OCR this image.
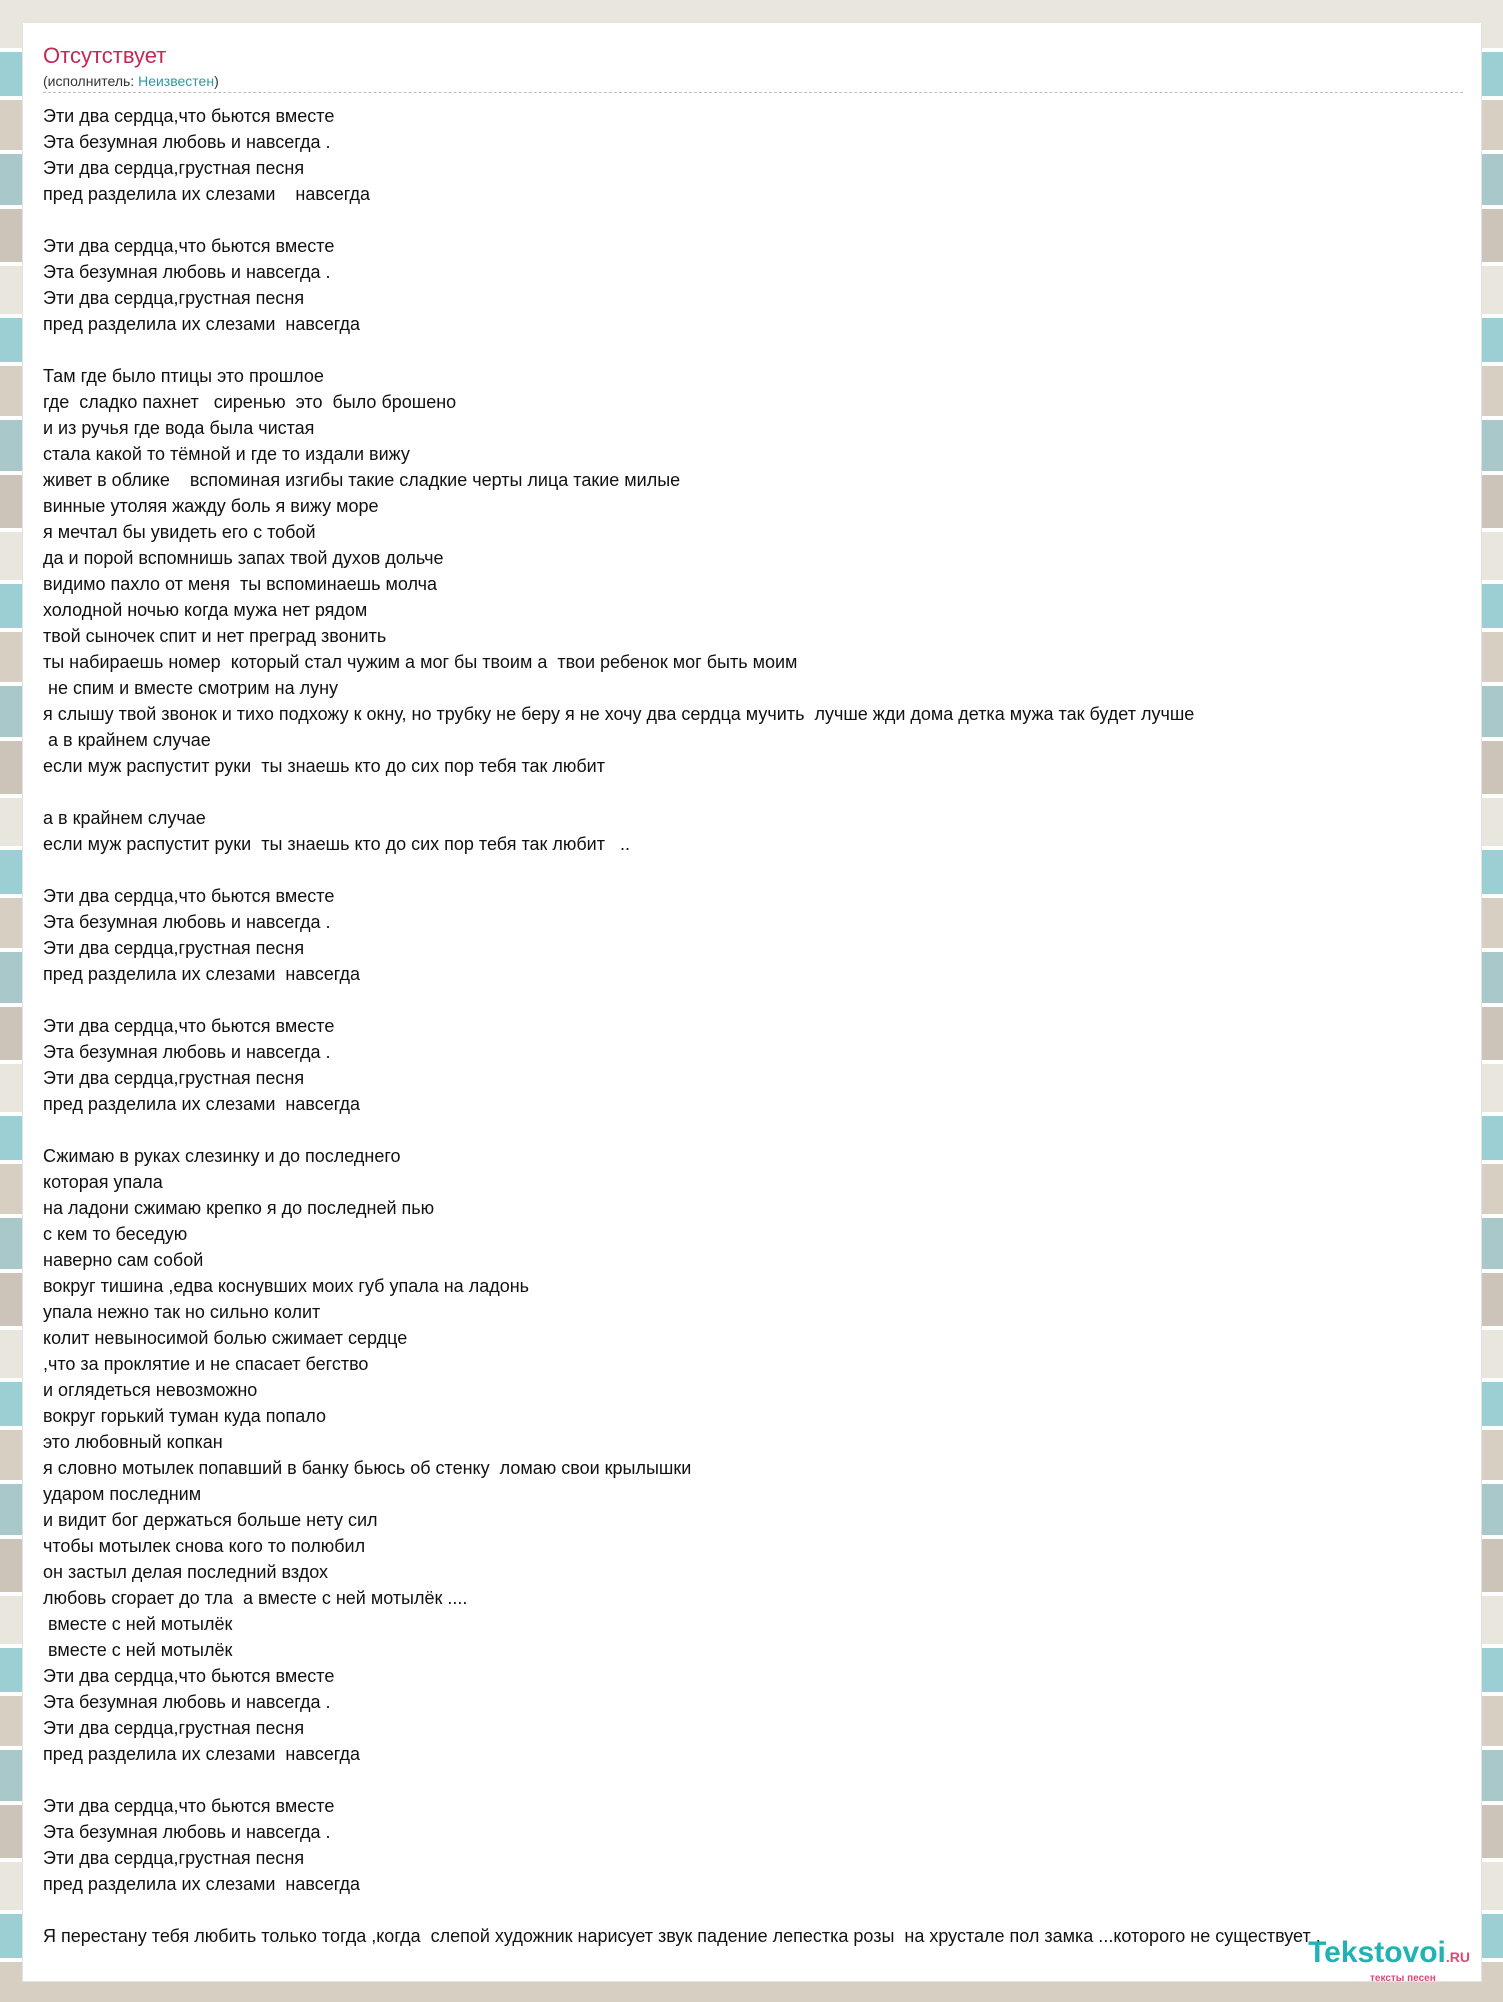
Отсутствует
(исполнитель: Неизвестен)
Эти два сердца,что бьются вместе
Эта безумная любовь и навсегда .
Эти два сердца,грустная песня
пред разделила их слезами    навсегда
Эти два сердца,что бьются вместе
Эта безумная любовь и навсегда .
Эти два сердца,грустная песня
пред разделила их слезами  навсегда
Там где было птицы это прошлое
где  сладко пахнет   сиренью  это  было брошено
и из ручья где вода была чистая
стала какой то тёмной и где то издали вижу
живет в облике    вспоминая изгибы такие сладкие черты лица такие милые
винные утоляя жажду боль я вижу море
я мечтал бы увидеть его с тобой
да и порой вспомнишь запах твой духов дольче
видимо пахло от меня  ты вспоминаешь молча
холодной ночью когда мужа нет рядом
твой сыночек спит и нет преград звонить
ты набираешь номер  который стал чужим а мог бы твоим а  твои ребенок мог быть моим
не спим и вместе смотрим на луну
я слышу твой звонок и тихо подхожу к окну, но трубку не беру я не хочу два сердца мучить  лучше жди дома детка мужа так будет лучше
а в крайнем случае
если муж распустит руки  ты знаешь кто до сих пор тебя так любит
а в крайнем случае
если муж распустит руки  ты знаешь кто до сих пор тебя так любит   ..
Эти два сердца,что бьются вместе
Эта безумная любовь и навсегда .
Эти два сердца,грустная песня
пред разделила их слезами  навсегда
Эти два сердца,что бьются вместе
Эта безумная любовь и навсегда .
Эти два сердца,грустная песня
пред разделила их слезами  навсегда
Сжимаю в руках слезинку и до последнего
которая упала
на ладони сжимаю крепко я до последней пью
с кем то беседую
наверно сам собой
вокруг тишина ,едва коснувших моих губ упала на ладонь
упала нежно так но сильно колит
колит невыносимой болью сжимает сердце
,что за проклятие и не спасает бегство
и оглядеться невозможно
вокруг горький туман куда попало
это любовный копкан
я словно мотылек попавший в банку бьюсь об стенку  ломаю свои крылышки
ударом последним
и видит бог держаться больше нету сил
чтобы мотылек снова кого то полюбил
он застыл делая последний вздох
любовь сгорает до тла  а вместе с ней мотылёк ....
вместе с ней мотылёк
вместе с ней мотылёк
Эти два сердца,что бьются вместе
Эта безумная любовь и навсегда .
Эти два сердца,грустная песня
пред разделила их слезами  навсегда
Эти два сердца,что бьются вместе
Эта безумная любовь и навсегда .
Эти два сердца,грустная песня
пред разделила их слезами  навсегда
Я перестану тебя любить только тогда ,когда  слепой художник нарисует звук падение лепестка розы  на хрустале пол замка ...которого не существует .
Tekstovoi.RU
тексты песен
